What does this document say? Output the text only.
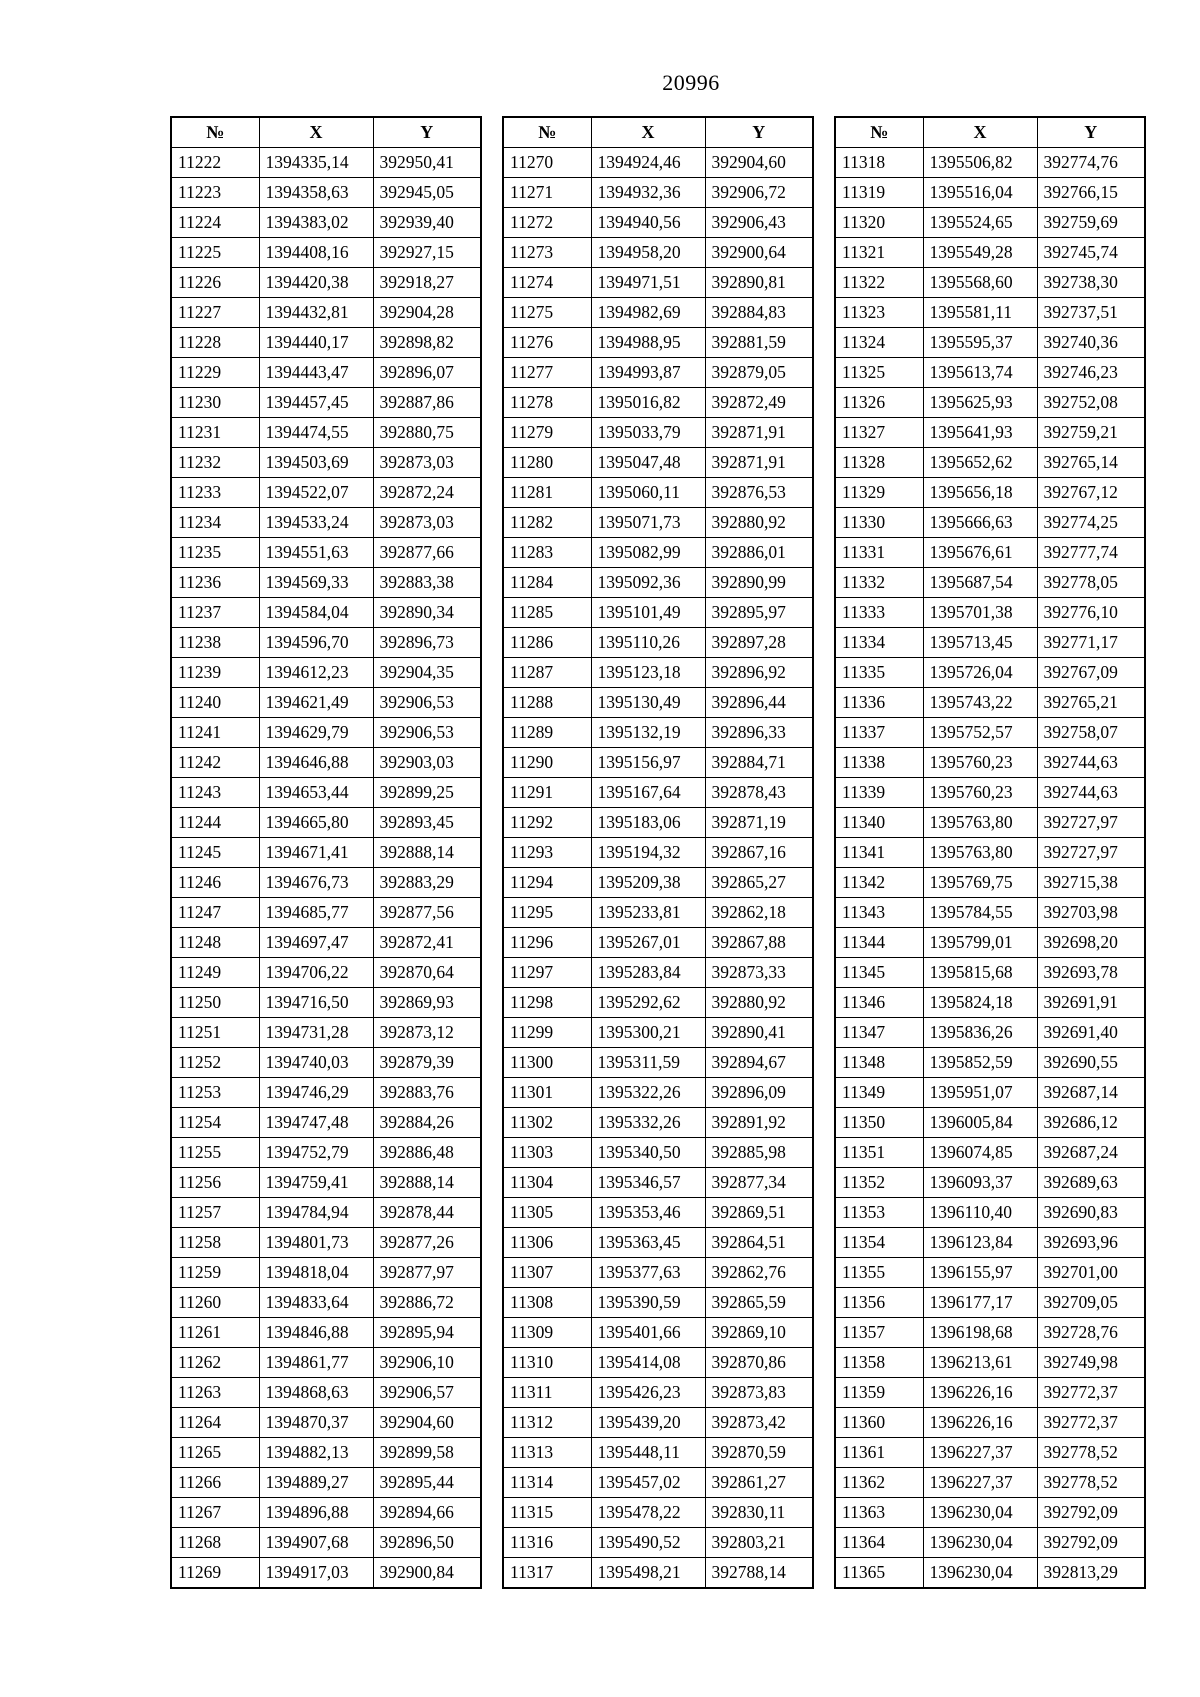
20996
№	X	Y
11222	1394335,14	392950,41
11223	1394358,63	392945,05
11224	1394383,02	392939,40
11225	1394408,16	392927,15
11226	1394420,38	392918,27
11227	1394432,81	392904,28
11228	1394440,17	392898,82
11229	1394443,47	392896,07
11230	1394457,45	392887,86
11231	1394474,55	392880,75
11232	1394503,69	392873,03
11233	1394522,07	392872,24
11234	1394533,24	392873,03
11235	1394551,63	392877,66
11236	1394569,33	392883,38
11237	1394584,04	392890,34
11238	1394596,70	392896,73
11239	1394612,23	392904,35
11240	1394621,49	392906,53
11241	1394629,79	392906,53
11242	1394646,88	392903,03
11243	1394653,44	392899,25
11244	1394665,80	392893,45
11245	1394671,41	392888,14
11246	1394676,73	392883,29
11247	1394685,77	392877,56
11248	1394697,47	392872,41
11249	1394706,22	392870,64
11250	1394716,50	392869,93
11251	1394731,28	392873,12
11252	1394740,03	392879,39
11253	1394746,29	392883,76
11254	1394747,48	392884,26
11255	1394752,79	392886,48
11256	1394759,41	392888,14
11257	1394784,94	392878,44
11258	1394801,73	392877,26
11259	1394818,04	392877,97
11260	1394833,64	392886,72
11261	1394846,88	392895,94
11262	1394861,77	392906,10
11263	1394868,63	392906,57
11264	1394870,37	392904,60
11265	1394882,13	392899,58
11266	1394889,27	392895,44
11267	1394896,88	392894,66
11268	1394907,68	392896,50
11269	1394917,03	392900,84
№	X	Y
11270	1394924,46	392904,60
11271	1394932,36	392906,72
11272	1394940,56	392906,43
11273	1394958,20	392900,64
11274	1394971,51	392890,81
11275	1394982,69	392884,83
11276	1394988,95	392881,59
11277	1394993,87	392879,05
11278	1395016,82	392872,49
11279	1395033,79	392871,91
11280	1395047,48	392871,91
11281	1395060,11	392876,53
11282	1395071,73	392880,92
11283	1395082,99	392886,01
11284	1395092,36	392890,99
11285	1395101,49	392895,97
11286	1395110,26	392897,28
11287	1395123,18	392896,92
11288	1395130,49	392896,44
11289	1395132,19	392896,33
11290	1395156,97	392884,71
11291	1395167,64	392878,43
11292	1395183,06	392871,19
11293	1395194,32	392867,16
11294	1395209,38	392865,27
11295	1395233,81	392862,18
11296	1395267,01	392867,88
11297	1395283,84	392873,33
11298	1395292,62	392880,92
11299	1395300,21	392890,41
11300	1395311,59	392894,67
11301	1395322,26	392896,09
11302	1395332,26	392891,92
11303	1395340,50	392885,98
11304	1395346,57	392877,34
11305	1395353,46	392869,51
11306	1395363,45	392864,51
11307	1395377,63	392862,76
11308	1395390,59	392865,59
11309	1395401,66	392869,10
11310	1395414,08	392870,86
11311	1395426,23	392873,83
11312	1395439,20	392873,42
11313	1395448,11	392870,59
11314	1395457,02	392861,27
11315	1395478,22	392830,11
11316	1395490,52	392803,21
11317	1395498,21	392788,14
№	X	Y
11318	1395506,82	392774,76
11319	1395516,04	392766,15
11320	1395524,65	392759,69
11321	1395549,28	392745,74
11322	1395568,60	392738,30
11323	1395581,11	392737,51
11324	1395595,37	392740,36
11325	1395613,74	392746,23
11326	1395625,93	392752,08
11327	1395641,93	392759,21
11328	1395652,62	392765,14
11329	1395656,18	392767,12
11330	1395666,63	392774,25
11331	1395676,61	392777,74
11332	1395687,54	392778,05
11333	1395701,38	392776,10
11334	1395713,45	392771,17
11335	1395726,04	392767,09
11336	1395743,22	392765,21
11337	1395752,57	392758,07
11338	1395760,23	392744,63
11339	1395760,23	392744,63
11340	1395763,80	392727,97
11341	1395763,80	392727,97
11342	1395769,75	392715,38
11343	1395784,55	392703,98
11344	1395799,01	392698,20
11345	1395815,68	392693,78
11346	1395824,18	392691,91
11347	1395836,26	392691,40
11348	1395852,59	392690,55
11349	1395951,07	392687,14
11350	1396005,84	392686,12
11351	1396074,85	392687,24
11352	1396093,37	392689,63
11353	1396110,40	392690,83
11354	1396123,84	392693,96
11355	1396155,97	392701,00
11356	1396177,17	392709,05
11357	1396198,68	392728,76
11358	1396213,61	392749,98
11359	1396226,16	392772,37
11360	1396226,16	392772,37
11361	1396227,37	392778,52
11362	1396227,37	392778,52
11363	1396230,04	392792,09
11364	1396230,04	392792,09
11365	1396230,04	392813,29
